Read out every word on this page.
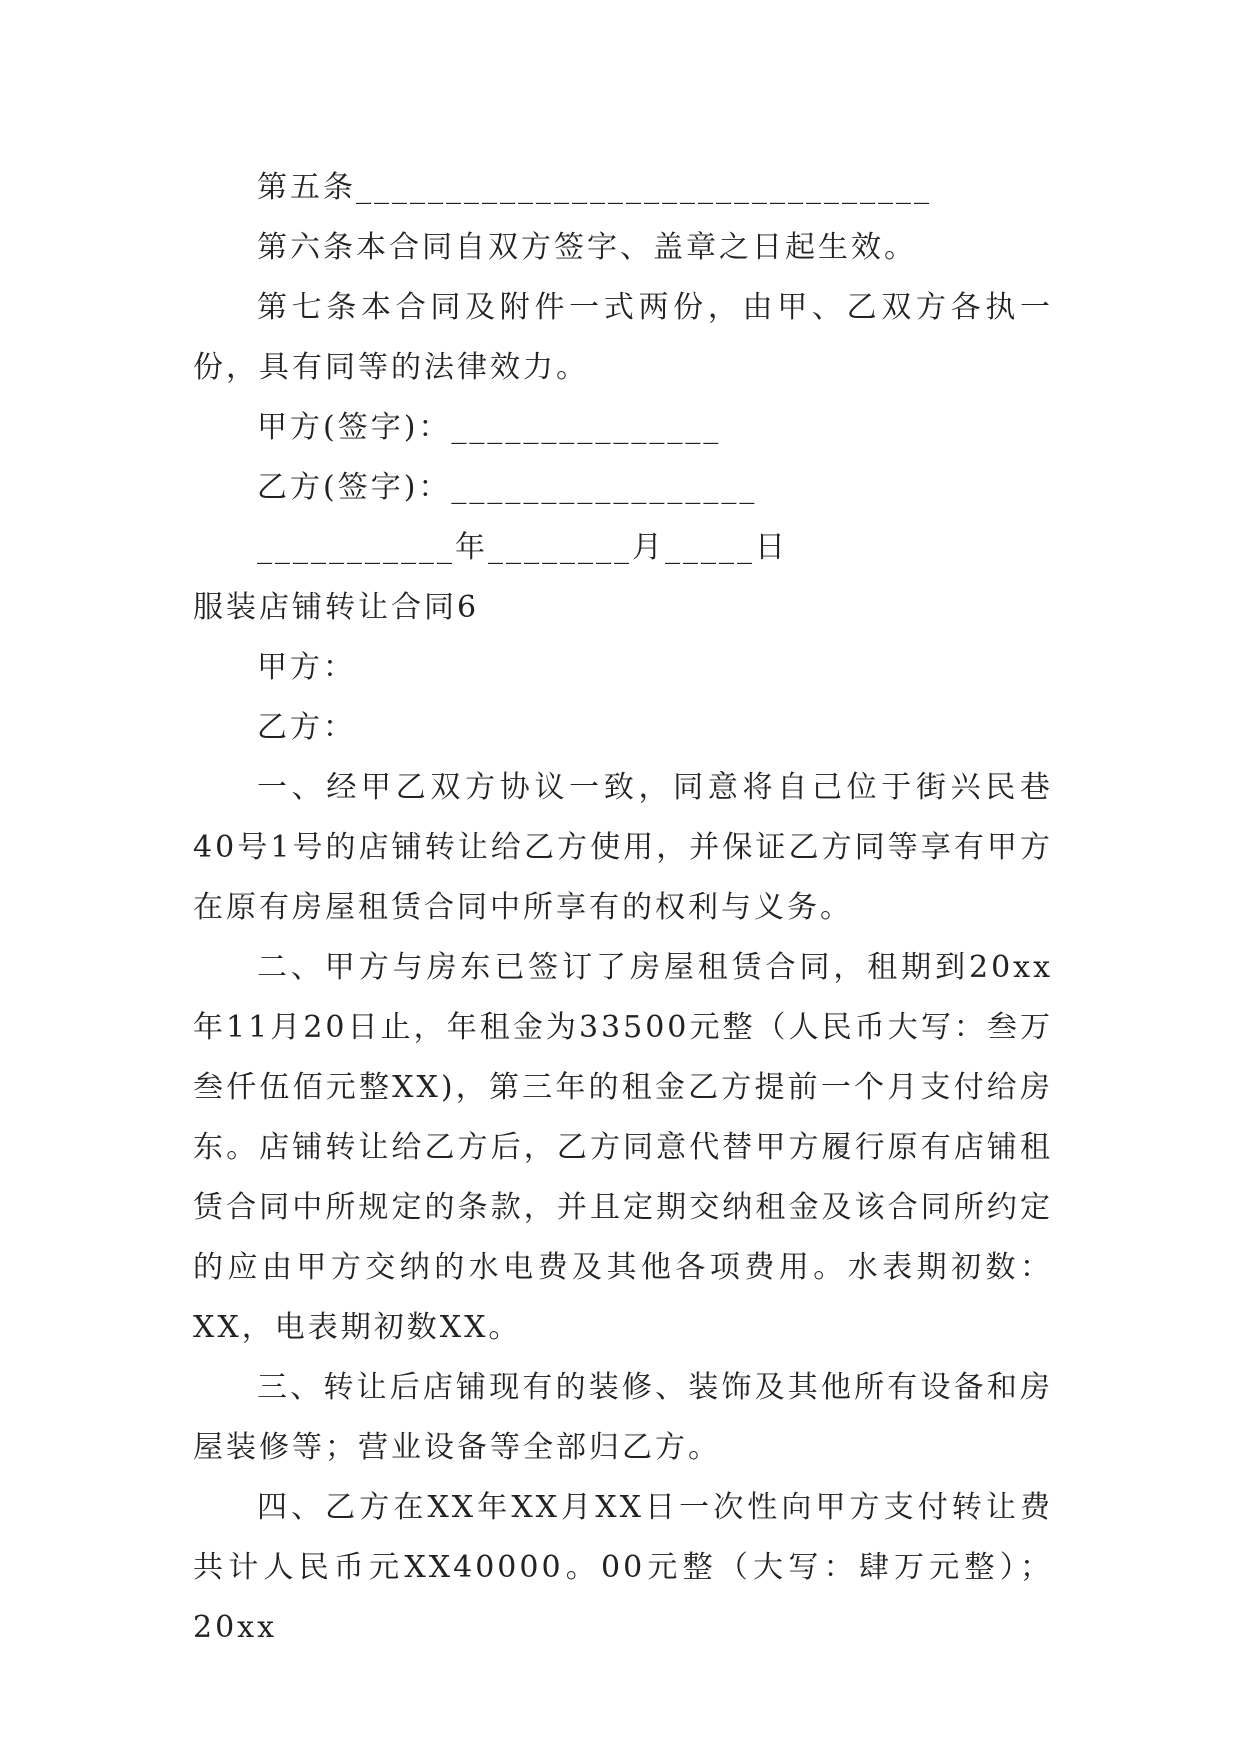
第五条________________________________

第六条本合同自双方签字、盖章之日起生效。

第七条本合同及附件一式两份，由甲、乙双方各执一份，具有同等的法律效力。

甲方(签字)：_______________

乙方(签字)：_________________

___________年________月_____日

服装店铺转让合同6

甲方：

乙方：

一、经甲乙双方协议一致，同意将自己位于街兴民巷40号1号的店铺转让给乙方使用，并保证乙方同等享有甲方在原有房屋租赁合同中所享有的权利与义务。

二、甲方与房东已签订了房屋租赁合同，租期到20xx年11月20日止，年租金为33500元整（人民币大写：叁万叁仟伍佰元整XX)，第三年的租金乙方提前一个月支付给房东。店铺转让给乙方后，乙方同意代替甲方履行原有店铺租赁合同中所规定的条款，并且定期交纳租金及该合同所约定的应由甲方交纳的水电费及其他各项费用。水表期初数：XX，电表期初数XX。

三、转让后店铺现有的装修、装饰及其他所有设备和房屋装修等；营业设备等全部归乙方。

四、乙方在XX年XX月XX日一次性向甲方支付转让费共计人民币元XX40000。00元整（大写：肆万元整）；20xx
